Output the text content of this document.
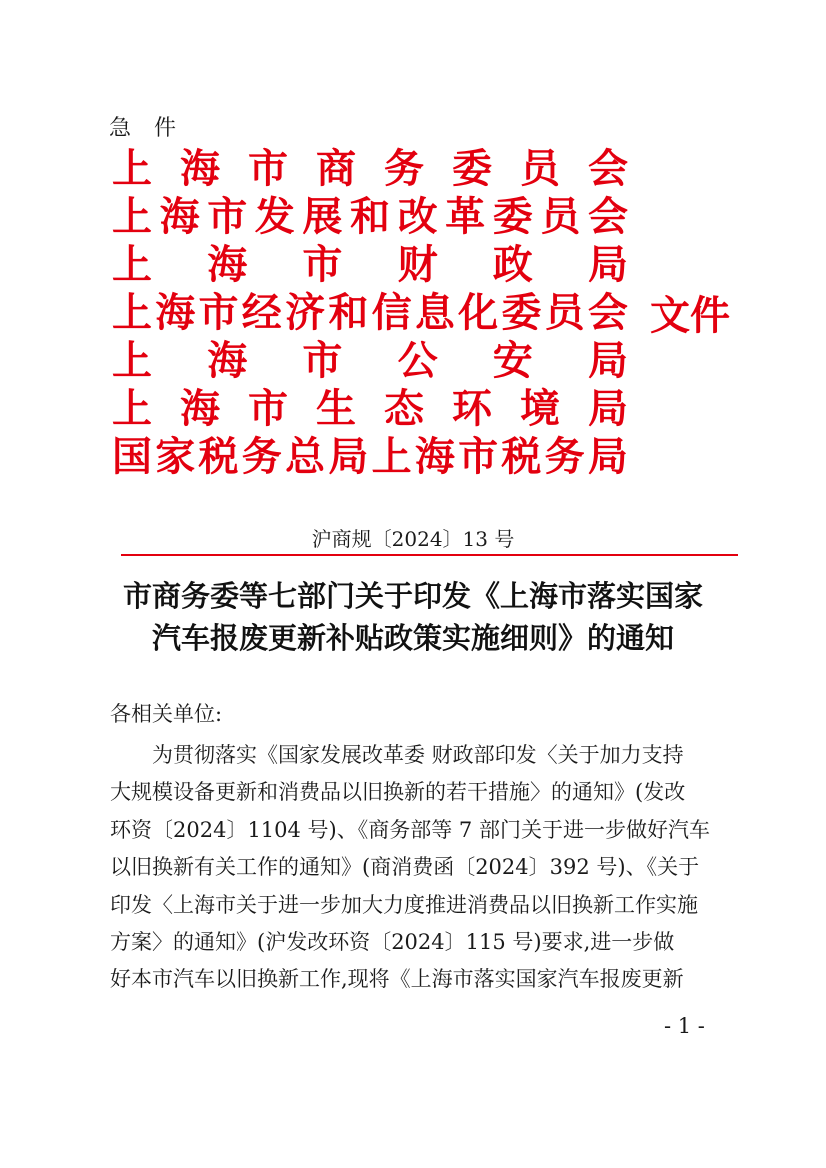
急 件
上 海 市 商 务 委 员 会
上 海 市 发 展 和 改 革 委 员 会
上 海 市 财 政 局
上 海 市 经 济 和 信 息 化 委 员 会
上 海 市 公 安 局
上 海 市 生 态 环 境 局
国 家 税 务 总 局 上 海 市 税 务 局
文件
沪商规〔2024〕13 号
市商务委等七部门关于印发《上海市落实国家
汽车报废更新补贴政策实施细则》的通知
各相关单位:
为贯彻落实《国家发展改革委 财政部印发〈关于加力支持
大规模设备更新和消费品以旧换新的若干措施〉的通知》(发改
环资〔2024〕1104 号)、《商务部等 7 部门关于进一步做好汽车
以旧换新有关工作的通知》(商消费函〔2024〕392 号)、《关于
印发〈上海市关于进一步加大力度推进消费品以旧换新工作实施
方案〉的通知》(沪发改环资〔2024〕115 号)要求,进一步做
好本市汽车以旧换新工作,现将《上海市落实国家汽车报废更新
- 1 -
